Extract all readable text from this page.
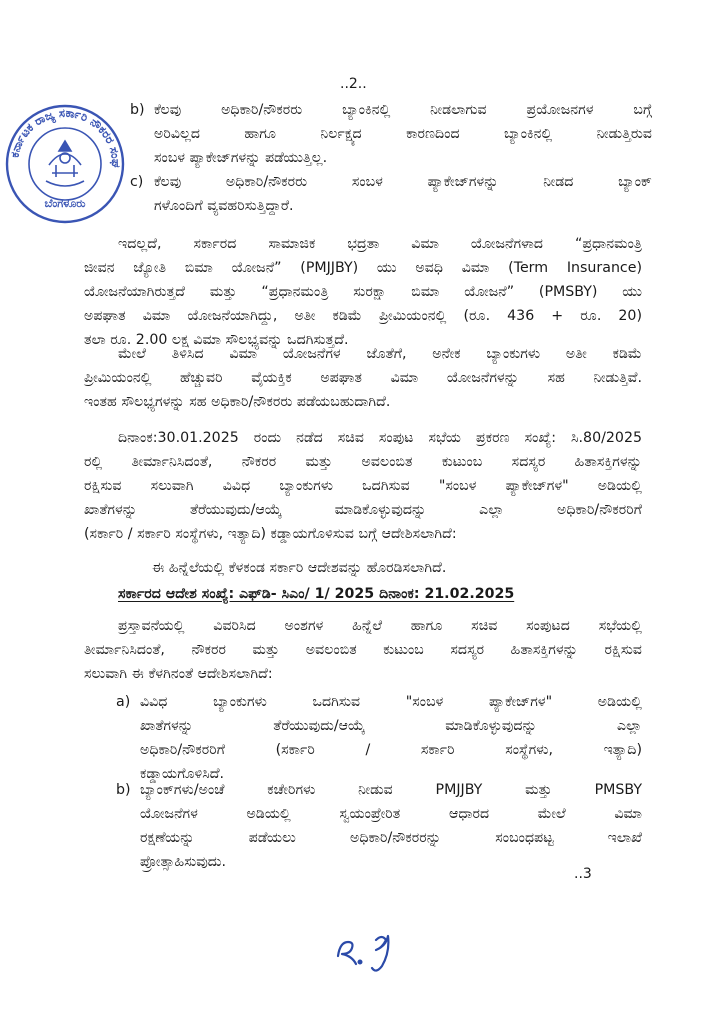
..2..
ಕರ್ನಾಟಕ ರಾಜ್ಯ ಸರ್ಕಾರಿ ನೌಕರರ ಸಂಘ
ಬೆಂಗಳೂರು
b) ಕೆಲವು ಅಧಿಕಾರಿ/ನೌಕರರು ಬ್ಯಾಂಕಿನಲ್ಲಿ ನೀಡಲಾಗುವ ಪ್ರಯೋಜನಗಳ ಬಗ್ಗೆ
ಅರಿವಿಲ್ಲದ ಹಾಗೂ ನಿರ್ಲಕ್ಷ್ಯದ ಕಾರಣದಿಂದ ಬ್ಯಾಂಕಿನಲ್ಲಿ ನೀಡುತ್ತಿರುವ
ಸಂಬಳ ಪ್ಯಾಕೇಜ್‌ಗಳನ್ನು ಪಡೆಯುತ್ತಿಲ್ಲ.
c) ಕೆಲವು ಅಧಿಕಾರಿ/ನೌಕರರು ಸಂಬಳ ಪ್ಯಾಕೇಜ್‌ಗಳನ್ನು ನೀಡದ ಬ್ಯಾಂಕ್
ಗಳೊಂದಿಗೆ ವ್ಯವಹರಿಸುತ್ತಿದ್ದಾರೆ.
ಇದಲ್ಲದೆ, ಸರ್ಕಾರದ ಸಾಮಾಜಿಕ ಭದ್ರತಾ ವಿಮಾ ಯೋಜನೆಗಳಾದ “ಪ್ರಧಾನಮಂತ್ರಿ
ಜೀವನ ಜ್ಯೋತಿ ಬಿಮಾ ಯೋಜನೆ” (PMJJBY) ಯು ಅವಧಿ ವಿಮಾ (Term Insurance)
ಯೋಜನೆಯಾಗಿರುತ್ತದೆ ಮತ್ತು “ಪ್ರಧಾನಮಂತ್ರಿ ಸುರಕ್ಷಾ ಬಿಮಾ ಯೋಜನೆ” (PMSBY) ಯು
ಅಪಘಾತ ವಿಮಾ ಯೋಜನೆಯಾಗಿದ್ದು, ಅತೀ ಕಡಿಮೆ ಪ್ರೀಮಿಯಂನಲ್ಲಿ (ರೂ. 436 + ರೂ. 20)
ತಲಾ ರೂ. 2.00 ಲಕ್ಷ ವಿಮಾ ಸೌಲಭ್ಯವನ್ನು ಒದಗಿಸುತ್ತದೆ.
ಮೇಲೆ ತಿಳಿಸಿದ ವಿಮಾ ಯೋಜನೆಗಳ ಜೊತೆಗೆ, ಅನೇಕ ಬ್ಯಾಂಕುಗಳು ಅತೀ ಕಡಿಮೆ
ಪ್ರೀಮಿಯಂನಲ್ಲಿ ಹೆಚ್ಚುವರಿ ವೈಯಕ್ತಿಕ ಅಪಘಾತ ವಿಮಾ ಯೋಜನೆಗಳನ್ನು ಸಹ ನೀಡುತ್ತಿವೆ.
ಇಂತಹ ಸೌಲಭ್ಯಗಳನ್ನು ಸಹ ಅಧಿಕಾರಿ/ನೌಕರರು ಪಡೆಯಬಹುದಾಗಿದೆ.
ದಿನಾಂಕ:30.01.2025 ರಂದು ನಡೆದ ಸಚಿವ ಸಂಪುಟ ಸಭೆಯ ಪ್ರಕರಣ ಸಂಖ್ಯೆ: ಸಿ.80/2025
ರಲ್ಲಿ ತೀರ್ಮಾನಿಸಿದಂತೆ, ನೌಕರರ ಮತ್ತು ಅವಲಂಬಿತ ಕುಟುಂಬ ಸದಸ್ಯರ ಹಿತಾಸಕ್ತಿಗಳನ್ನು
ರಕ್ಷಿಸುವ ಸಲುವಾಗಿ ವಿವಿಧ ಬ್ಯಾಂಕುಗಳು ಒದಗಿಸುವ "ಸಂಬಳ ಪ್ಯಾಕೇಜ್‌ಗಳ" ಅಡಿಯಲ್ಲಿ
ಖಾತೆಗಳನ್ನು ತೆರೆಯುವುದು/ಆಯ್ಕೆ ಮಾಡಿಕೊಳ್ಳುವುದನ್ನು ಎಲ್ಲಾ ಅಧಿಕಾರಿ/ನೌಕರರಿಗೆ
(ಸರ್ಕಾರಿ / ಸರ್ಕಾರಿ ಸಂಸ್ಥೆಗಳು, ಇತ್ಯಾದಿ) ಕಡ್ಡಾಯಗೊಳಿಸುವ ಬಗ್ಗೆ ಆದೇಶಿಸಲಾಗಿದೆ:
ಈ ಹಿನ್ನೆಲೆಯಲ್ಲಿ ಕೆಳಕಂಡ ಸರ್ಕಾರಿ ಆದೇಶವನ್ನು ಹೊರಡಿಸಲಾಗಿದೆ.
ಸರ್ಕಾರದ ಆದೇಶ ಸಂಖ್ಯೆ: ಎಫ್‌ಡಿ- ಸಿಎಂ/ 1/ 2025 ದಿನಾಂಕ: 21.02.2025
ಪ್ರಸ್ತಾವನೆಯಲ್ಲಿ ವಿವರಿಸಿದ ಅಂಶಗಳ ಹಿನ್ನೆಲೆ ಹಾಗೂ ಸಚಿವ ಸಂಪುಟದ ಸಭೆಯಲ್ಲಿ
ತೀರ್ಮಾನಿಸಿದಂತೆ, ನೌಕರರ ಮತ್ತು ಅವಲಂಬಿತ ಕುಟುಂಬ ಸದಸ್ಯರ ಹಿತಾಸಕ್ತಿಗಳನ್ನು ರಕ್ಷಿಸುವ
ಸಲುವಾಗಿ ಈ ಕೆಳಗಿನಂತೆ ಆದೇಶಿಸಲಾಗಿದೆ:
a) ವಿವಿಧ ಬ್ಯಾಂಕುಗಳು ಒದಗಿಸುವ "ಸಂಬಳ ಪ್ಯಾಕೇಜ್‌ಗಳ" ಅಡಿಯಲ್ಲಿ
ಖಾತೆಗಳನ್ನು ತೆರೆಯುವುದು/ಆಯ್ಕೆ ಮಾಡಿಕೊಳ್ಳುವುದನ್ನು ಎಲ್ಲಾ
ಅಧಿಕಾರಿ/ನೌಕರರಿಗೆ (ಸರ್ಕಾರಿ / ಸರ್ಕಾರಿ ಸಂಸ್ಥೆಗಳು, ಇತ್ಯಾದಿ)
ಕಡ್ಡಾಯಗೊಳಿಸಿದೆ.
b) ಬ್ಯಾಂಕ್‌ಗಳು/ಅಂಚೆ ಕಚೇರಿಗಳು ನೀಡುವ PMJJBY ಮತ್ತು PMSBY
ಯೋಜನೆಗಳ ಅಡಿಯಲ್ಲಿ ಸ್ವಯಂಪ್ರೇರಿತ ಆಧಾರದ ಮೇಲೆ ವಿಮಾ
ರಕ್ಷಣೆಯನ್ನು ಪಡೆಯಲು ಅಧಿಕಾರಿ/ನೌಕರರನ್ನು ಸಂಬಂಧಪಟ್ಟ ಇಲಾಖೆ
ಪ್ರೋತ್ಸಾಹಿಸುವುದು.
..3
